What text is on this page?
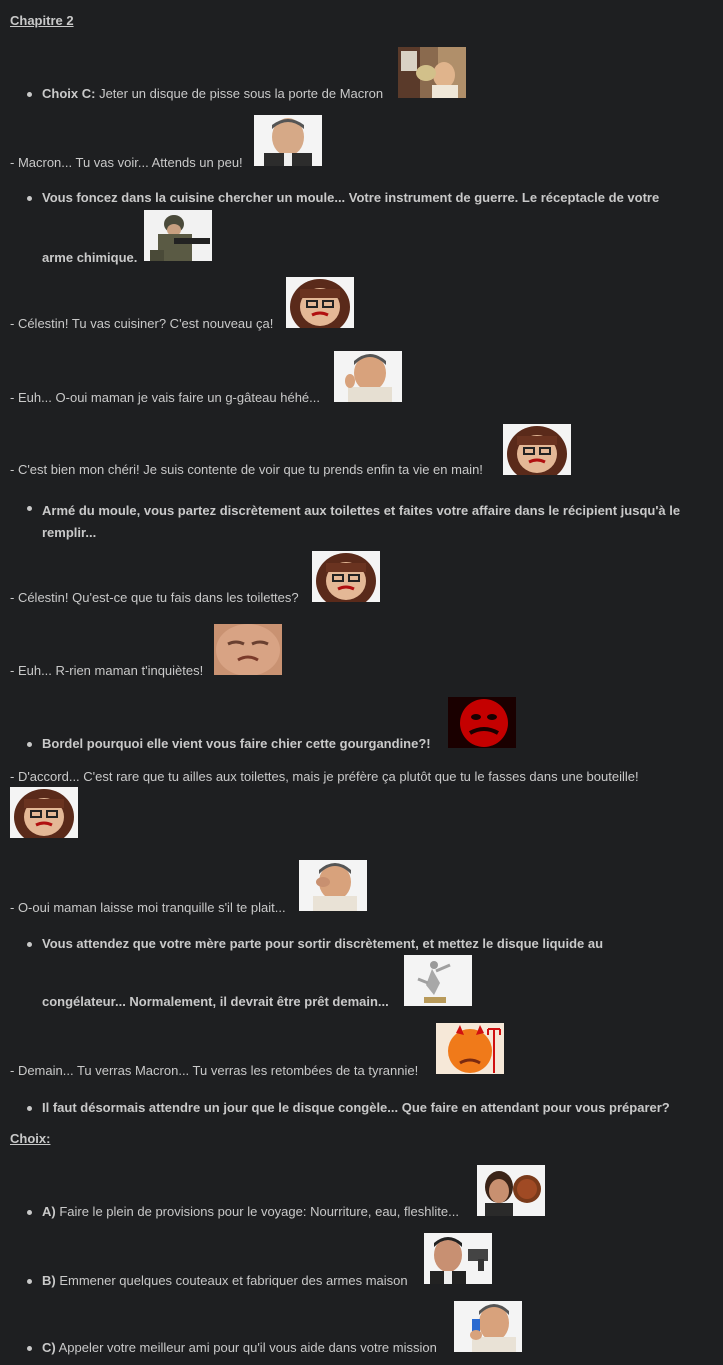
Chapitre 2
Choix C: Jeter un disque de pisse sous la porte de Macron
- Macron... Tu vas voir... Attends un peu!
Vous foncez dans la cuisine chercher un moule... Votre instrument de guerre. Le réceptacle de votre
arme chimique.
- Célestin! Tu vas cuisiner? C'est nouveau ça!
- Euh... O-oui maman je vais faire un g-gâteau héhé...
- C'est bien mon chéri! Je suis contente de voir que tu prends enfin ta vie en main!
Armé du moule, vous partez discrètement aux toilettes et faites votre affaire dans le récipient jusqu'à le remplir...
- Célestin! Qu'est-ce que tu fais dans les toilettes?
- Euh... R-rien maman t'inquiètes!
Bordel pourquoi elle vient vous faire chier cette gourgandine?!
- D'accord... C'est rare que tu ailles aux toilettes, mais je préfère ça plutôt que tu le fasses dans une bouteille!
- O-oui maman laisse moi tranquille s'il te plait...
Vous attendez que votre mère parte pour sortir discrètement, et mettez le disque liquide au
congélateur... Normalement, il devrait être prêt demain...
- Demain... Tu verras Macron... Tu verras les retombées de ta tyrannie!
Il faut désormais attendre un jour que le disque congèle... Que faire en attendant pour vous préparer?
Choix:
A) Faire le plein de provisions pour le voyage: Nourriture, eau, fleshlite...
B) Emmener quelques couteaux et fabriquer des armes maison
C) Appeler votre meilleur ami pour qu'il vous aide dans votre mission
